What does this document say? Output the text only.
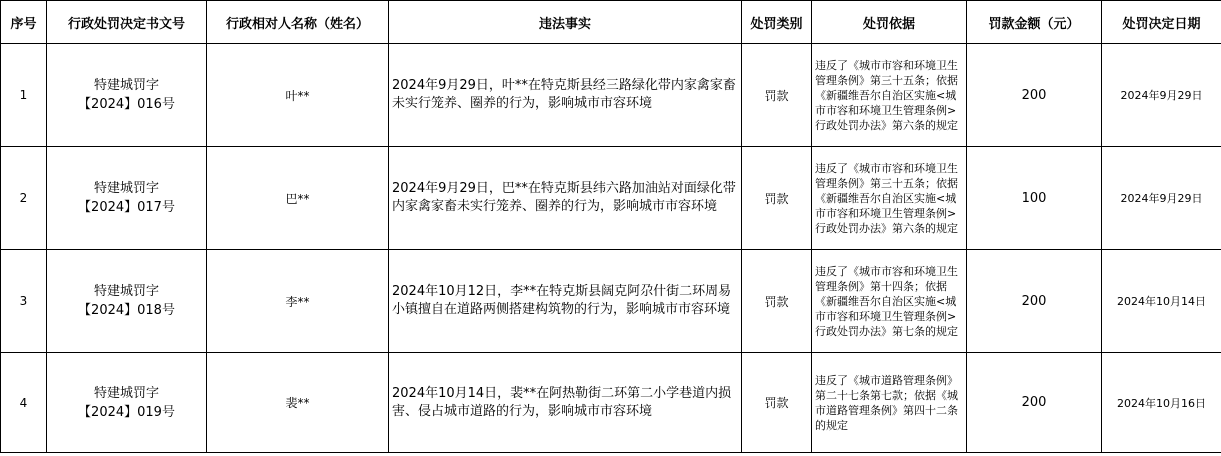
序号	行政处罚决定书文号	行政相对人名称（姓名）	违法事实	处罚类别	处罚依据	罚款金额（元）	处罚决定日期
1	特建城罚字
【2024】016号	叶**	2024年9月29日，叶**在特克斯县经三路绿化带内家禽家畜未实行笼养、圈养的行为，影响城市市容环境	罚款	违反了《城市市容和环境卫生管理条例》第三十五条；依据《新疆维吾尔自治区实施<城市市容和环境卫生管理条例>行政处罚办法》第六条的规定	200	2024年9月29日
2	特建城罚字
【2024】017号	巴**	2024年9月29日，巴**在特克斯县纬六路加油站对面绿化带内家禽家畜未实行笼养、圈养的行为，影响城市市容环境	罚款	违反了《城市市容和环境卫生管理条例》第三十五条；依据《新疆维吾尔自治区实施<城市市容和环境卫生管理条例>行政处罚办法》第六条的规定	100	2024年9月29日
3	特建城罚字
【2024】018号	李**	2024年10月12日，李**在特克斯县阔克阿尕什街二环周易小镇擅自在道路两侧搭建构筑物的行为，影响城市市容环境	罚款	违反了《城市市容和环境卫生管理条例》第十四条；依据《新疆维吾尔自治区实施<城市市容和环境卫生管理条例>行政处罚办法》第七条的规定	200	2024年10月14日
4	特建城罚字
【2024】019号	裴**	2024年10月14日，裴**在阿热勒街二环第二小学巷道内损害、侵占城市道路的行为，影响城市市容环境	罚款	违反了《城市道路管理条例》第二十七条第七款；依据《城市道路管理条例》第四十二条的规定	200	2024年10月16日
